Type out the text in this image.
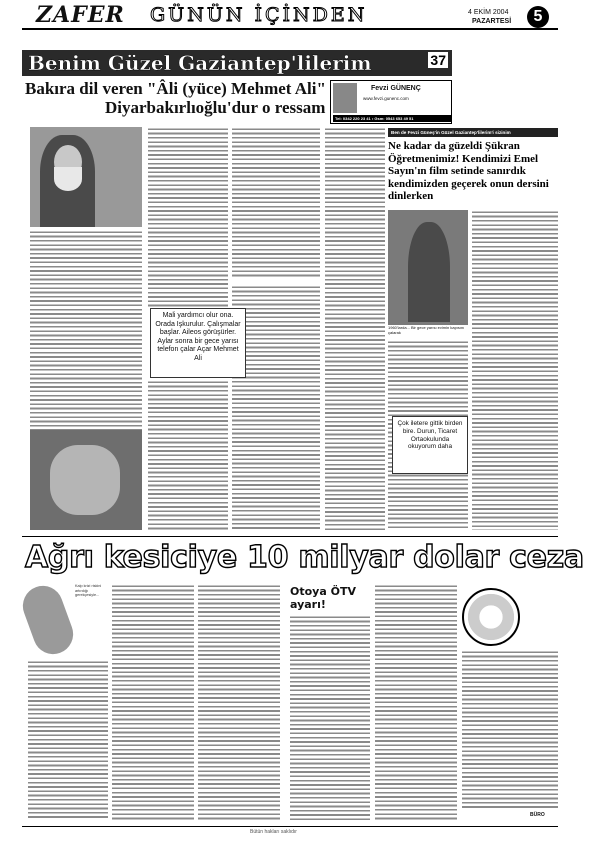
ZAFER GÜNÜN İÇİNDEN	4 EKİM 2004
PAZARTESİ	5
Benim Güzel Gaziantep'lilerim	37
Bakıra dil veren "Âli (yüce) Mehmet Ali"
Diyarbakırlıoğlu'dur o ressam
Fevzi GÜNENÇ
www.fevzi.gunenc.com
Tel: 0342 220 23 41 • Gsm: 0543 653 49 51
Mali yardımcı olur ona. Orada Işkurulur. Çalışmalar başlar. Aileos görüşürler. Aylar sonra bir gece yarısı telefon çalar Açar Mehmet Ali
Ben de Fevzi Güneş'in Güzel Gaziantep'lilerim'i sizinim
Ne kadar da güzeldi Şükran Öğretmenimiz! Kendimizi Emel Sayın'ın film setinde sanırdık kendimizden geçerek onun dersini dinlerken
1960'larda... Bir gece yarısı evimin kapısını çalarak
Çok iletere gittik birden bire. Durun, Ticaret Ortaokulunda okuyorum daha
Ağrı kesiciye 10 milyar dolar ceza
Kalp krizi riskini artırdığı gerekçesiyle...	Otoya ÖTV ayarı!
BÜRO
Bütün hakları saklıdır
